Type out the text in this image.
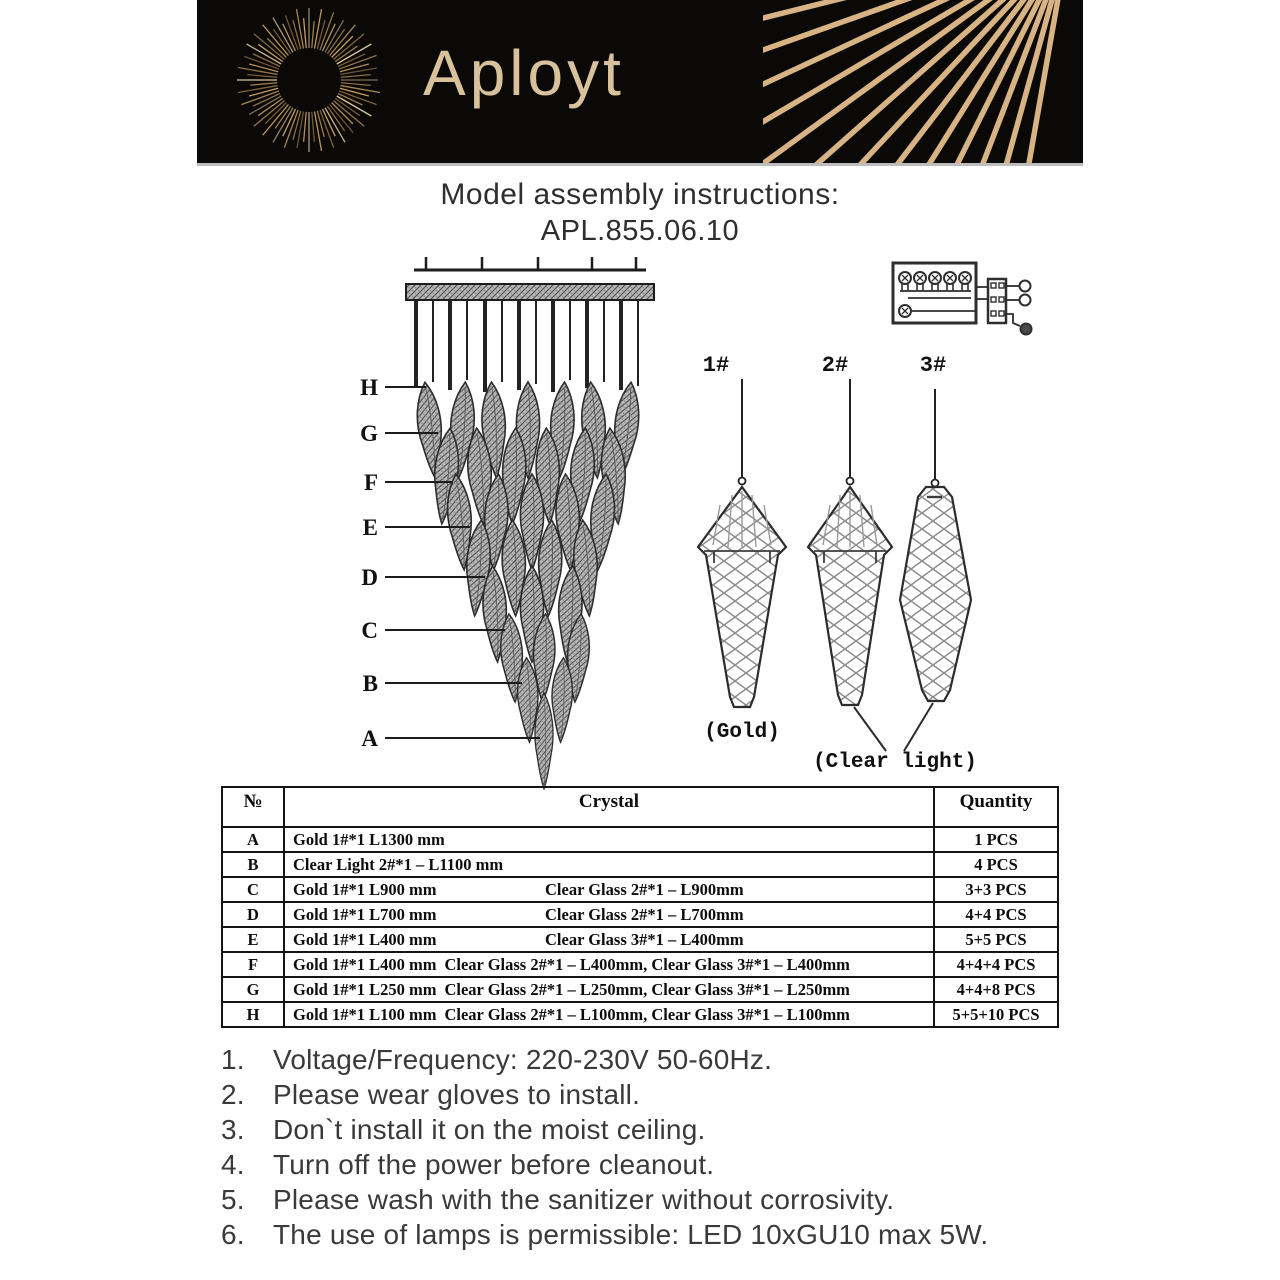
Aployt
Model assembly instructions:
APL.855.06.10
H
G
F
E
D
C
B
A
1#	2#	3#
(Gold)
(Clear light)
№	Crystal	Quantity
A	Gold 1#*1 L1300 mm	1 PCS
B	Clear Light 2#*1 – L1100 mm	4 PCS
C	Gold 1#*1 L900 mm Clear Glass 2#*1 – L900mm	3+3 PCS
D	Gold 1#*1 L700 mm Clear Glass 2#*1 – L700mm	4+4 PCS
E	Gold 1#*1 L400 mm Clear Glass 3#*1 – L400mm	5+5 PCS
F	Gold 1#*1 L400 mm Clear Glass 2#*1 – L400mm, Clear Glass 3#*1 – L400mm	4+4+4 PCS
G	Gold 1#*1 L250 mm Clear Glass 2#*1 – L250mm, Clear Glass 3#*1 – L250mm	4+4+8 PCS
H	Gold 1#*1 L100 mm Clear Glass 2#*1 – L100mm, Clear Glass 3#*1 – L100mm	5+5+10 PCS
1.	Voltage/Frequency: 220-230V 50-60Hz.
2.	Please wear gloves to install.
3.	Don`t install it on the moist ceiling.
4.	Turn off the power before cleanout.
5.	Please wash with the sanitizer without corrosivity.
6.	The use of lamps is permissible: LED 10xGU10 max 5W.
